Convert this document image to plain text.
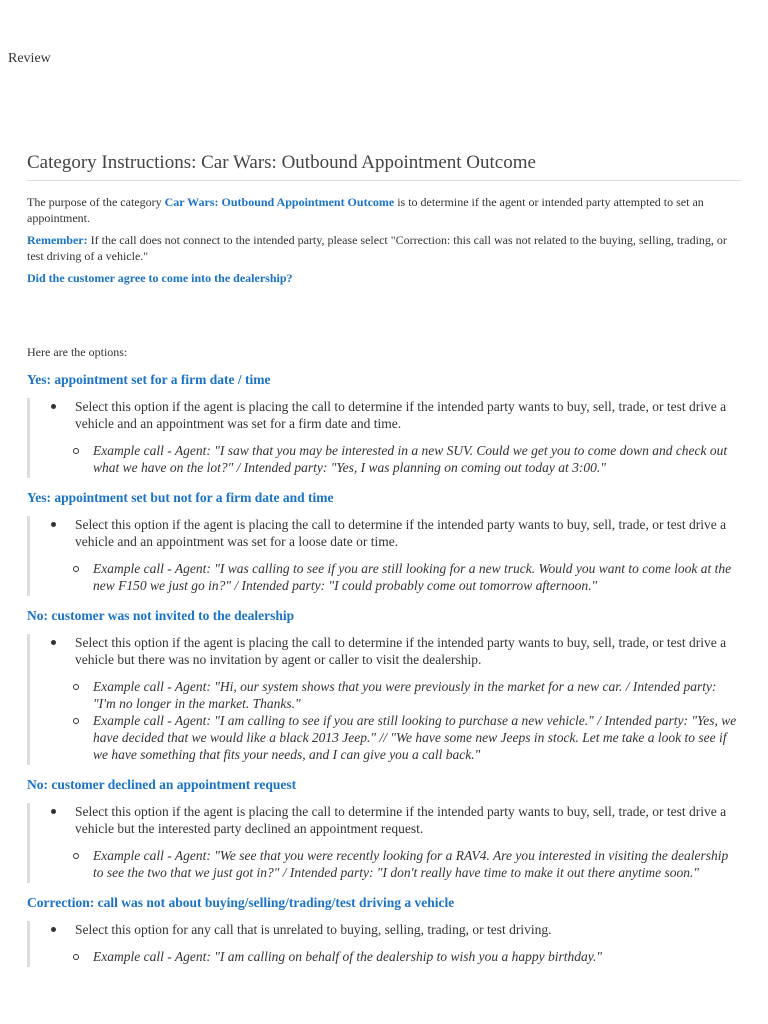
Review
Category Instructions: Car Wars: Outbound Appointment Outcome

The purpose of the category Car Wars: Outbound Appointment Outcome is to determine if the agent or intended party attempted to set an appointment.

Remember: If the call does not connect to the intended party, please select "Correction: this call was not related to the buying, selling, trading, or test driving of a vehicle."

Did the customer agree to come into the dealership?

Here are the options:

Yes: appointment set for a firm date / time
Select this option if the agent is placing the call to determine if the intended party wants to buy, sell, trade, or test drive a vehicle and an appointment was set for a firm date and time.
Example call - Agent: "I saw that you may be interested in a new SUV. Could we get you to come down and check out what we have on the lot?" / Intended party: "Yes, I was planning on coming out today at 3:00."
Yes: appointment set but not for a firm date and time
Select this option if the agent is placing the call to determine if the intended party wants to buy, sell, trade, or test drive a vehicle and an appointment was set for a loose date or time.
Example call - Agent: "I was calling to see if you are still looking for a new truck. Would you want to come look at the new F150 we just go in?" / Intended party: "I could probably come out tomorrow afternoon."
No: customer was not invited to the dealership
Select this option if the agent is placing the call to determine if the intended party wants to buy, sell, trade, or test drive a vehicle but there was no invitation by agent or caller to visit the dealership.
Example call - Agent: "Hi, our system shows that you were previously in the market for a new car. / Intended party: "I'm no longer in the market. Thanks."
Example call - Agent: "I am calling to see if you are still looking to purchase a new vehicle." / Intended party: "Yes, we have decided that we would like a black 2013 Jeep." // "We have some new Jeeps in stock. Let me take a look to see if we have something that fits your needs, and I can give you a call back."
No: customer declined an appointment request
Select this option if the agent is placing the call to determine if the intended party wants to buy, sell, trade, or test drive a vehicle but the interested party declined an appointment request.
Example call - Agent: "We see that you were recently looking for a RAV4. Are you interested in visiting the dealership to see the two that we just got in?" / Intended party: "I don't really have time to make it out there anytime soon."
Correction: call was not about buying/selling/trading/test driving a vehicle
Select this option for any call that is unrelated to buying, selling, trading, or test driving.
Example call - Agent: "I am calling on behalf of the dealership to wish you a happy birthday."
